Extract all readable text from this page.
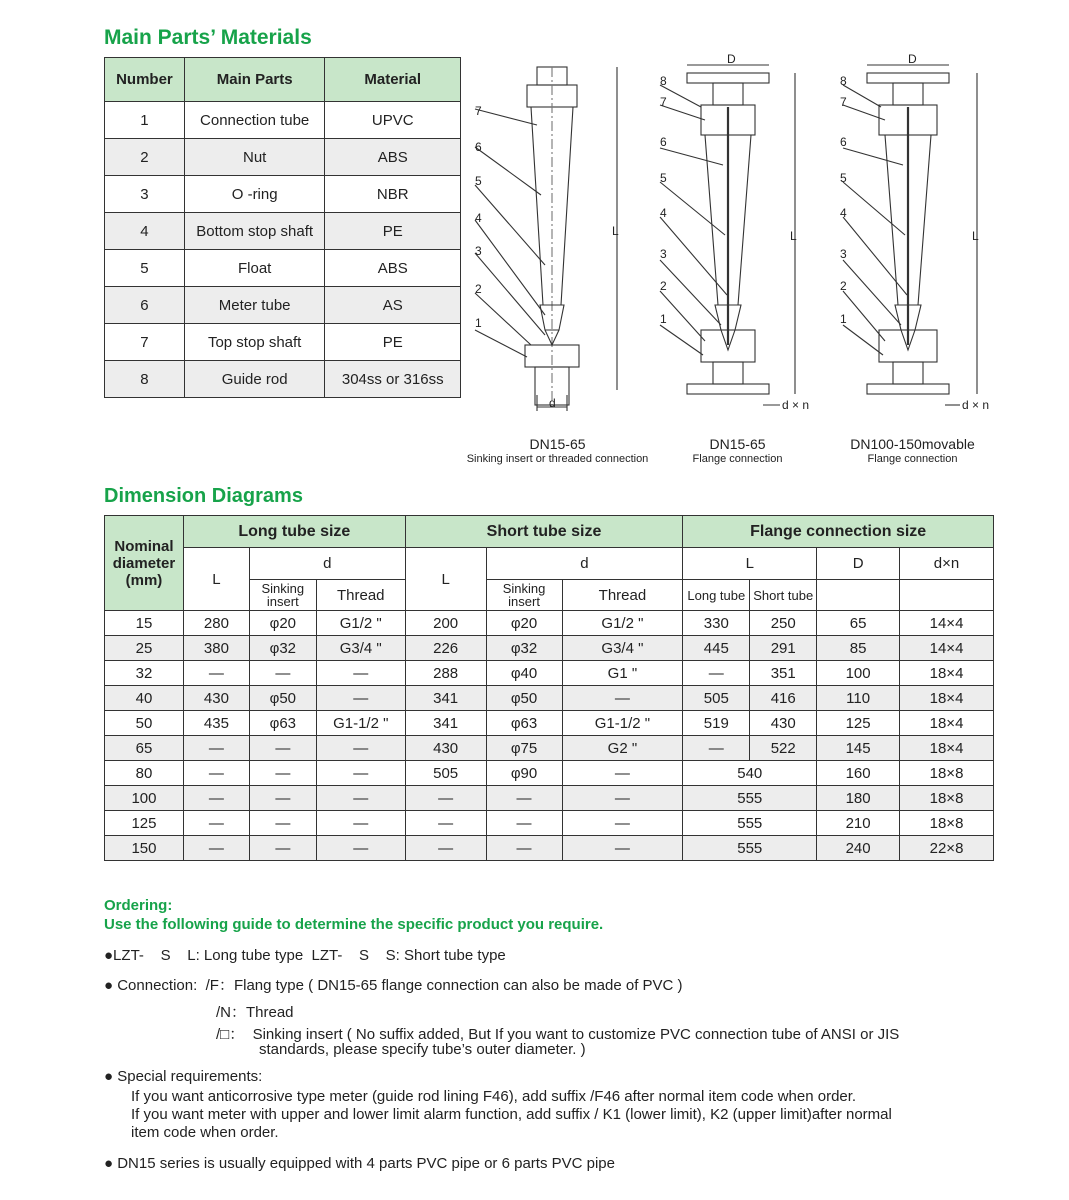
Main Parts’ Materials
Number	Main Parts	Material
1	Connection tube	UPVC
2	Nut	ABS
3	O -ring	NBR
4	Bottom stop shaft	PE
5	Float	ABS
6	Meter tube	AS
7	Top stop shaft	PE
8	Guide rod	304ss or 316ss
7
6
5
4
3
2
1
L
d
8
7
6
5
4
3
2
1
D
L
d × n
8
7
6
5
4
3
2
1
D
L
d × n
DN15-65
Sinking insert or threaded connection
DN15-65
Flange connection
DN100-150movable
Flange connection
Dimension Diagrams
Nominal diameter (mm)	Long tube size			Short tube size			Flange connection size			
	L	d		L	d		L		D	d×n
		Sinking insert	Thread		Sinking insert	Thread	Long tube	Short tube		
15	280	φ20	G1/2 "	200	φ20	G1/2 "	330	250	65	14×4
25	380	φ32	G3/4 "	226	φ32	G3/4 "	445	291	85	14×4
32	—	—	—	288	φ40	G1 "	—	351	100	18×4
40	430	φ50	—	341	φ50	—	505	416	110	18×4
50	435	φ63	G1-1/2 "	341	φ63	G1-1/2 "	519	430	125	18×4
65	—	—	—	430	φ75	G2 "	—	522	145	18×4
80	—	—	—	505	φ90	—	540		160	18×8
100	—	—	—	—	—	—	555		180	18×8
125	—	—	—	—	—	—	555		210	18×8
150	—	—	—	—	—	—	555		240	22×8
Ordering:
Use the following guide to determine the specific product you require.
●LZT-    S    L: Long tube type  LZT-    S    S: Short tube type
● Connection:  /F：Flang type ( DN15-65 flange connection can also be made of PVC )
/N：Thread
/□：  Sinking insert ( No suffix added, But If you want to customize PVC connection tube of ANSI or JIS
standards, please specify tube’s outer diameter. )
● Special requirements:
If you want anticorrosive type meter (guide rod lining F46), add suffix /F46 after normal item code when order.
If you want meter with upper and lower limit alarm function, add suffix / K1 (lower limit), K2 (upper limit)after normal
item code when order.
● DN15 series is usually equipped with 4 parts PVC pipe or 6 parts PVC pipe
